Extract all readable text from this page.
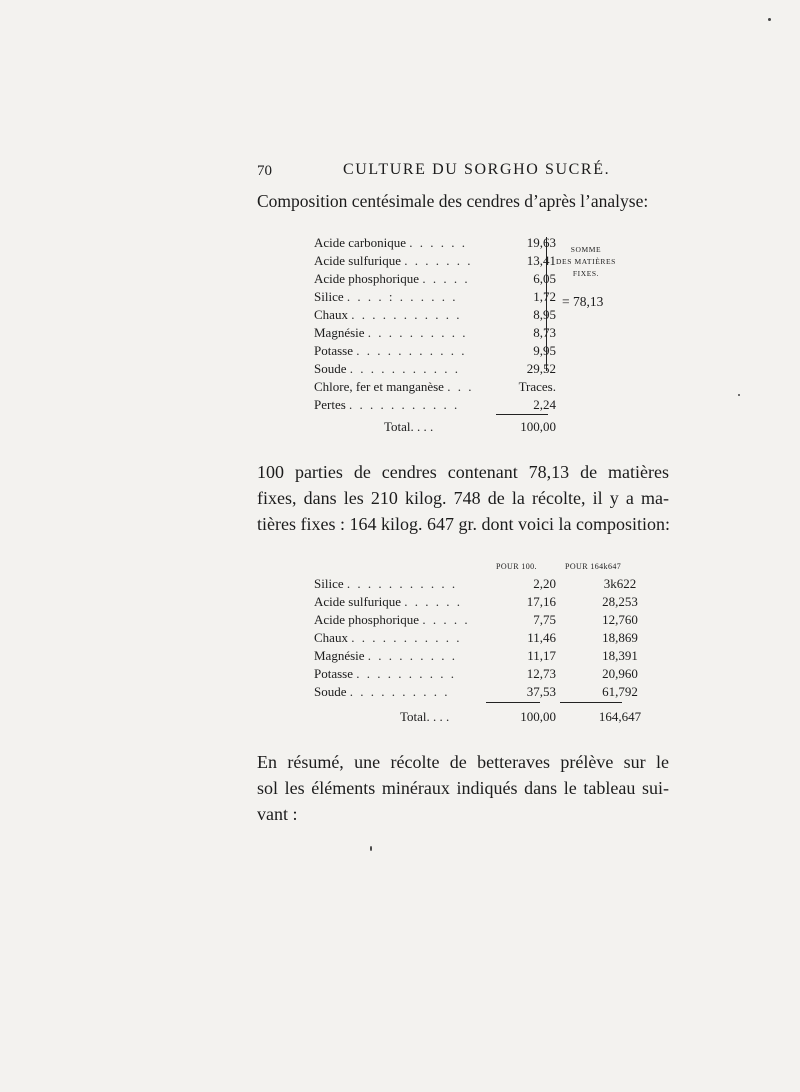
70	CULTURE DU SORGHO SUCRÉ.
Composition centésimale des cendres d’après l’analyse:
Acide carbonique . . . . . .	19,63
Acide sulfurique . . . . . . .	13,41
Acide phosphorique . . . . .	6,05
Silice . . . . : . . . . . .	1,72
Chaux . . . . . . . . . . .	8,95
Magnésie . . . . . . . . . .	8,73
Potasse . . . . . . . . . . .	9,95
Soude . . . . . . . . . . .	29,52
Chlore, fer et manganèse . . .	Traces.
Pertes . . . . . . . . . . .	2,24
Total. . . .	100,00
SOMME
DES MATIÈRES
FIXES.
= 78,13
100 parties de cendres contenant 78,13 de matières
fixes, dans les 210 kilog. 748 de la récolte, il y a ma-
tières fixes : 164 kilog. 647 gr. dont voici la composition:
POUR 100.	POUR 164k647
Silice . . . . . . . . . . .	2,20	3k622
Acide sulfurique . . . . . .	17,16	28,253
Acide phosphorique . . . . .	7,75	12,760
Chaux . . . . . . . . . . .	11,46	18,869
Magnésie . . . . . . . . .	11,17	18,391
Potasse . . . . . . . . . .	12,73	20,960
Soude . . . . . . . . . .	37,53	61,792
Total. . . .	100,00	164,647
En résumé, une récolte de betteraves prélève sur le
sol les éléments minéraux indiqués dans le tableau sui-
vant :
